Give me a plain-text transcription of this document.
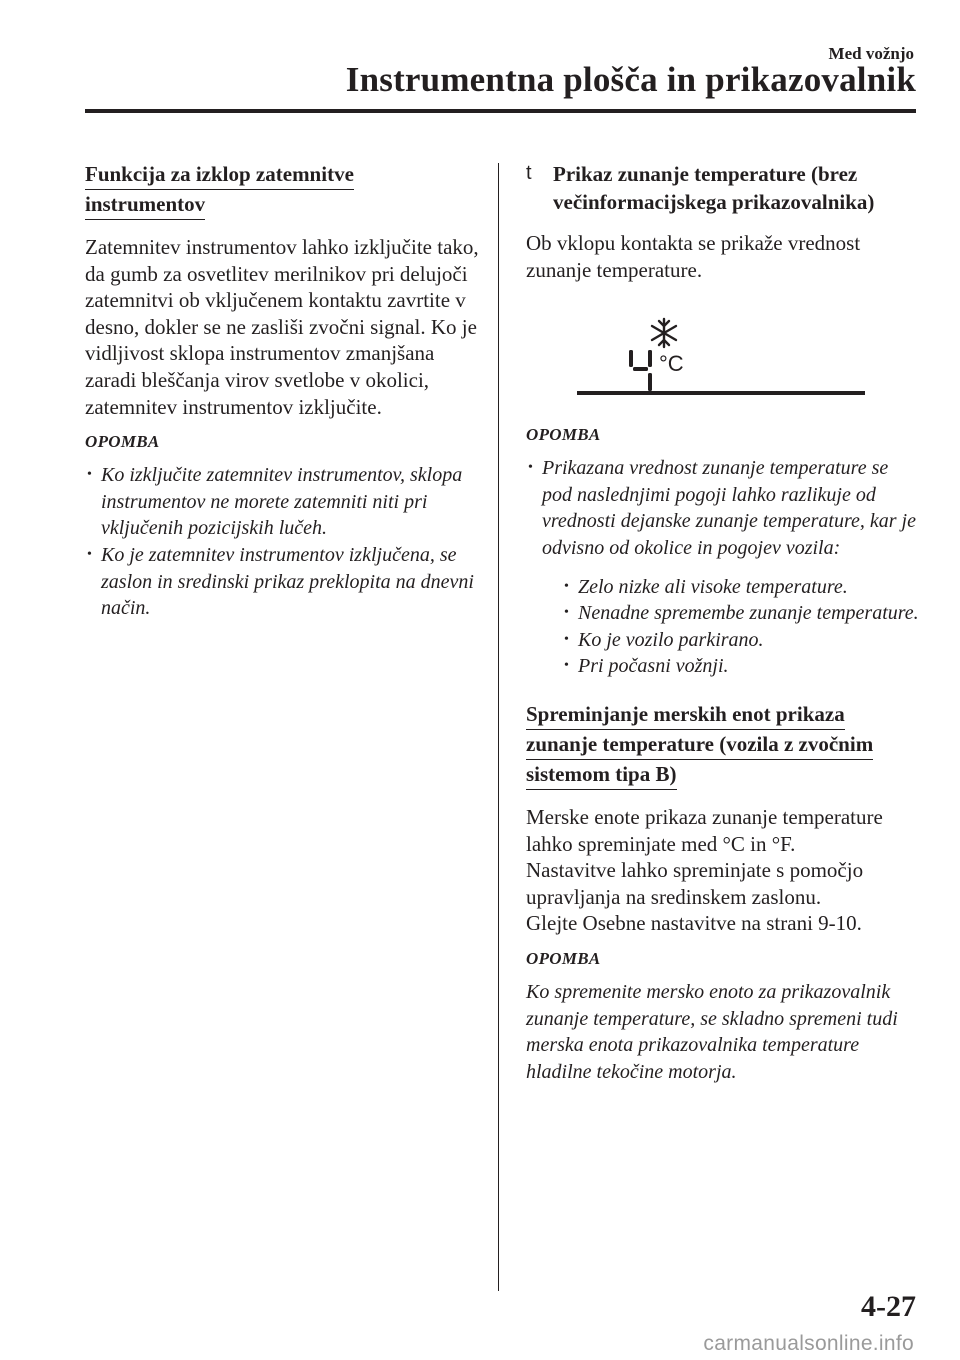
Med vožnjo
Instrumentna plošča in prikazovalnik
Funkcija za izklop zatemnitve
instrumentov

Zatemnitev instrumentov lahko izključite tako, da gumb za osvetlitev merilnikov pri delujoči zatemnitvi ob vključenem kontaktu zavrtite v desno, dokler se ne zasliši zvočni signal. Ko je vidljivost sklopa instrumentov zmanjšana zaradi bleščanja virov svetlobe v okolici, zatemnitev instrumentov izključite.

OPOMBA
• Ko izključite zatemnitev instrumentov, sklopa instrumentov ne morete zatemniti niti pri vključenih pozicijskih lučeh.
• Ko je zatemnitev instrumentov izključena, se zaslon in sredinski prikaz preklopita na dnevni način.
t Prikaz zunanje temperature (brez večinformacijskega prikazovalnika)

Ob vklopu kontakta se prikaže vrednost zunanje temperature.

°C
OPOMBA
• Prikazana vrednost zunanje temperature se pod naslednjimi pogoji lahko razlikuje od vrednosti dejanske zunanje temperature, kar je odvisno od okolice in pogojev vozila:
• Zelo nizke ali visoke temperature.
• Nenadne spremembe zunanje temperature.
• Ko je vozilo parkirano.
• Pri počasni vožnji.
Spreminjanje merskih enot prikaza
zunanje temperature (vozila z zvočnim
sistemom tipa B)

Merske enote prikaza zunanje temperature lahko spreminjate med °C in °F.

Nastavitve lahko spreminjate s pomočjo upravljanja na sredinskem zaslonu.

Glejte Osebne nastavitve na strani 9-10.

OPOMBA

Ko spremenite mersko enoto za prikazovalnik zunanje temperature, se skladno spremeni tudi merska enota prikazovalnika temperature hladilne tekočine motorja.

4-27
carmanualsonline.info
